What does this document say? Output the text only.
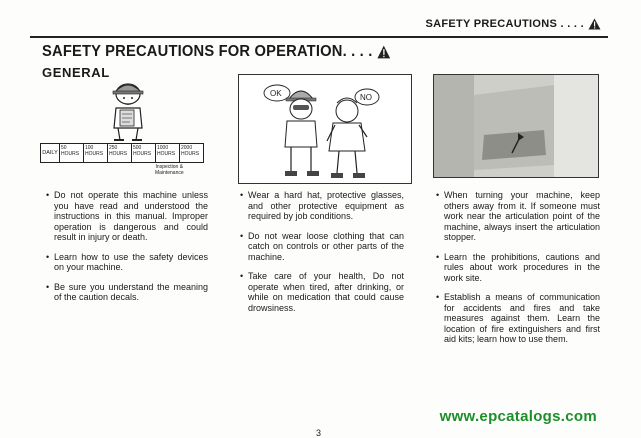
SAFETY PRECAUTIONS . . . .
SAFETY PRECAUTIONS FOR OPERATION. . . .
GENERAL
DAILY
50
HOURS
100
HOURS
250
HOURS
500
HOURS
1000
HOURS
2000
HOURS
Inspection &
Maintenance
OK	NO
• Do not operate this machine unless you have read and understood the instructions in this manual. Improper operation is dangerous and could result in injury or death.
• Learn how to use the safety devices on your machine.
• Be sure you understand the meaning of the caution decals.
• Wear a hard hat, protective glasses, and other protective equipment as required by job conditions.
• Do not wear loose clothing that can catch on controls or other parts of the machine.
• Take care of your health, Do not operate when tired, after drinking, or while on medication that could cause drowsiness.
• When turning your machine, keep others away from it. If someone must work near the articulation point of the machine, always insert the articulation stopper.
• Learn the prohibitions, cautions and rules about work procedures in the work site.
• Establish a means of communication for accidents and fires and take measures against them. Learn the location of fire extinguishers and first aid kits; learn how to use them.
www.epcatalogs.com
3
